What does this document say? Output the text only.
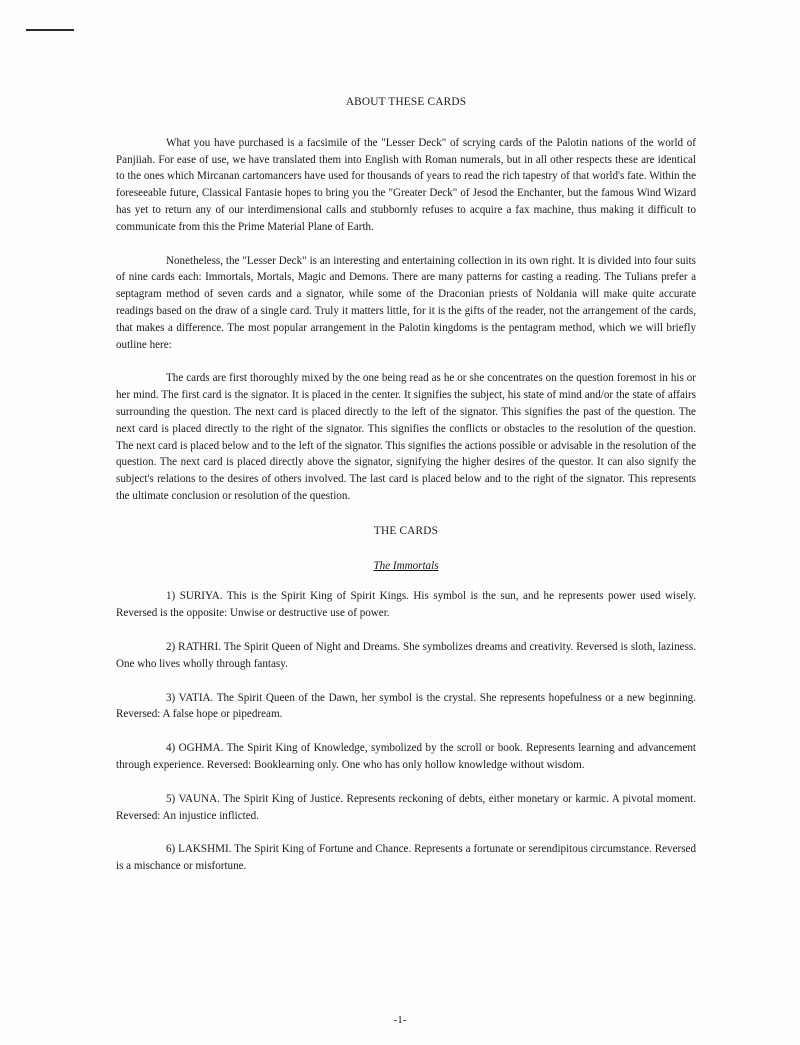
ABOUT THESE CARDS

What you have purchased is a facsimile of the "Lesser Deck" of scrying cards of the Palotin nations of the world of Panjiiah. For ease of use, we have translated them into English with Roman numerals, but in all other respects these are identical to the ones which Mircanan cartomancers have used for thousands of years to read the rich tapestry of that world's fate. Within the foreseeable future, Classical Fantasie hopes to bring you the "Greater Deck" of Jesod the Enchanter, but the famous Wind Wizard has yet to return any of our interdimensional calls and stubbornly refuses to acquire a fax machine, thus making it difficult to communicate from this the Prime Material Plane of Earth.

Nonetheless, the "Lesser Deck" is an interesting and entertaining collection in its own right. It is divided into four suits of nine cards each: Immortals, Mortals, Magic and Demons. There are many patterns for casting a reading. The Tulians prefer a septagram method of seven cards and a signator, while some of the Draconian priests of Noldania will make quite accurate readings based on the draw of a single card. Truly it matters little, for it is the gifts of the reader, not the arrangement of the cards, that makes a difference. The most popular arrangement in the Palotin kingdoms is the pentagram method, which we will briefly outline here:

The cards are first thoroughly mixed by the one being read as he or she concentrates on the question foremost in his or her mind. The first card is the signator. It is placed in the center. It signifies the subject, his state of mind and/or the state of affairs surrounding the question. The next card is placed directly to the left of the signator. This signifies the past of the question. The next card is placed directly to the right of the signator. This signifies the conflicts or obstacles to the resolution of the question. The next card is placed below and to the left of the signator. This signifies the actions possible or advisable in the resolution of the question. The next card is placed directly above the signator, signifying the higher desires of the questor. It can also signify the subject's relations to the desires of others involved. The last card is placed below and to the right of the signator. This represents the ultimate conclusion or resolution of the question.

THE CARDS
The Immortals

1) SURIYA. This is the Spirit King of Spirit Kings. His symbol is the sun, and he represents power used wisely. Reversed is the opposite: Unwise or destructive use of power.

2) RATHRI. The Spirit Queen of Night and Dreams. She symbolizes dreams and creativity. Reversed is sloth, laziness. One who lives wholly through fantasy.

3) VATIA. The Spirit Queen of the Dawn, her symbol is the crystal. She represents hopefulness or a new beginning. Reversed: A false hope or pipedream.

4) OGHMA. The Spirit King of Knowledge, symbolized by the scroll or book. Represents learning and advancement through experience. Reversed: Booklearning only. One who has only hollow knowledge without wisdom.

5) VAUNA. The Spirit King of Justice. Represents reckoning of debts, either monetary or karmic. A pivotal moment. Reversed: An injustice inflicted.

6) LAKSHMI. The Spirit King of Fortune and Chance. Represents a fortunate or serendipitous circumstance. Reversed is a mischance or misfortune.

-1-
